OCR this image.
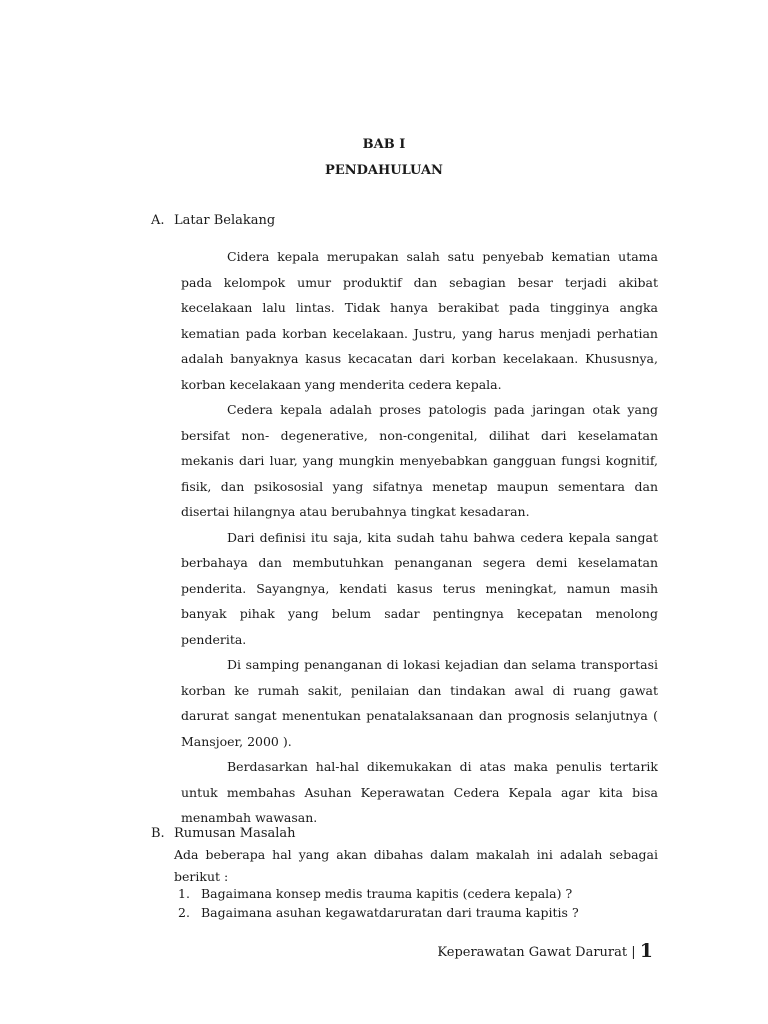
BAB I
PENDAHULUAN
A. Latar Belakang

Cidera kepala merupakan salah satu penyebab kematian utama pada kelompok umur produktif dan sebagian besar terjadi akibat kecelakaan lalu lintas. Tidak hanya berakibat pada tingginya angka kematian pada korban kecelakaan. Justru, yang harus menjadi perhatian adalah banyaknya kasus kecacatan dari korban kecelakaan. Khususnya, korban kecelakaan yang menderita cedera kepala.

Cedera kepala adalah proses patologis pada jaringan otak yang bersifat non- degenerative, non-congenital, dilihat dari keselamatan mekanis dari luar, yang mungkin menyebabkan gangguan fungsi kognitif, fisik, dan psikososial yang sifatnya menetap maupun sementara dan disertai hilangnya atau berubahnya tingkat kesadaran.

Dari definisi itu saja, kita sudah tahu bahwa cedera kepala sangat berbahaya dan membutuhkan penanganan segera demi keselamatan penderita. Sayangnya, kendati kasus terus meningkat, namun masih banyak pihak yang belum sadar pentingnya kecepatan menolong penderita.

Di samping penanganan di lokasi kejadian dan selama transportasi korban ke rumah sakit, penilaian dan tindakan awal di ruang gawat darurat sangat menentukan penatalaksanaan dan prognosis selanjutnya ( Mansjoer, 2000 ).

Berdasarkan hal-hal dikemukakan di atas maka penulis tertarik untuk membahas Asuhan Keperawatan Cedera Kepala agar kita bisa menambah wawasan.

B. Rumusan Masalah
Ada beberapa hal yang akan dibahas dalam makalah ini adalah sebagai berikut :
1. Bagaimana konsep medis trauma kapitis (cedera kepala) ?
2. Bagaimana asuhan kegawatdaruratan dari trauma kapitis ?
Keperawatan Gawat Darurat | 1
